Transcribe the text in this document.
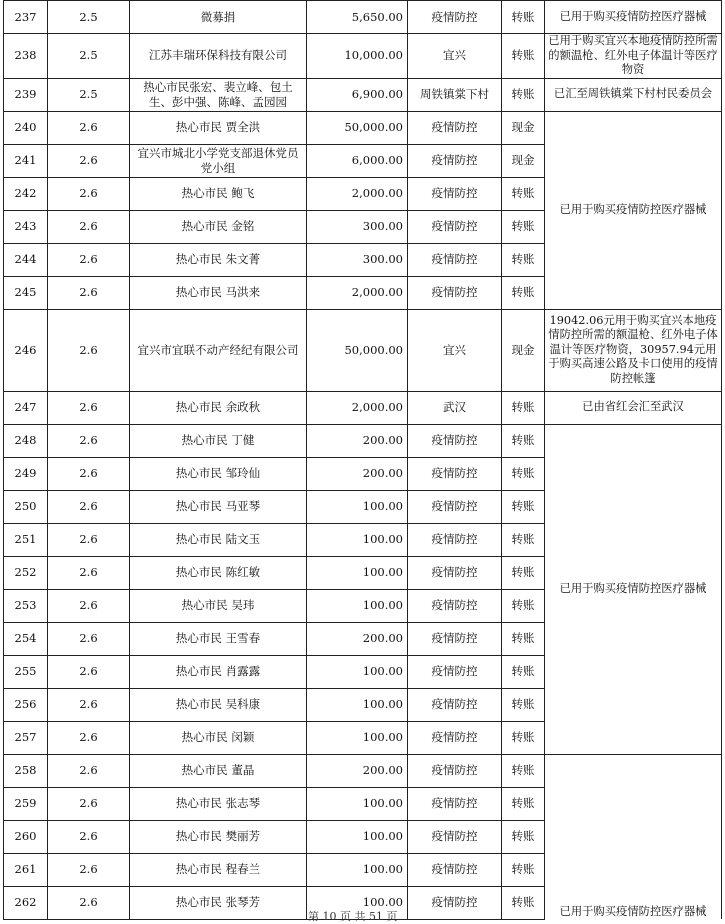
237	2.5	微募捐	5,650.00	疫情防控	转账	已用于购买疫情防控医疗器械
238	2.5	江苏丰瑞环保科技有限公司	10,000.00	宜兴	转账	已用于购买宜兴本地疫情防控所需的额温枪、红外电子体温计等医疗物资
239	2.5	热心市民张宏、裴立峰、包土生、彭中强、陈峰、孟园园	6,900.00	周铁镇棠下村	转账	已汇至周铁镇棠下村村民委员会
240	2.6	热心市民 贾全洪	50,000.00	疫情防控	现金	已用于购买疫情防控医疗器械
241	2.6	宜兴市城北小学党支部退休党员党小组	6,000.00	疫情防控	现金	
242	2.6	热心市民 鲍飞	2,000.00	疫情防控	转账	
243	2.6	热心市民 金铭	300.00	疫情防控	转账	
244	2.6	热心市民 朱文菁	300.00	疫情防控	转账	
245	2.6	热心市民 马洪来	2,000.00	疫情防控	转账	
246	2.6	宜兴市宜联不动产经纪有限公司	50,000.00	宜兴	现金	19042.06元用于购买宜兴本地疫情防控所需的额温枪、红外电子体温计等医疗物资，30957.94元用于购买高速公路及卡口使用的疫情防控帐篷
247	2.6	热心市民 余政秋	2,000.00	武汉	转账	已由省红会汇至武汉
248	2.6	热心市民 丁健	200.00	疫情防控	转账	已用于购买疫情防控医疗器械
249	2.6	热心市民 邹玲仙	200.00	疫情防控	转账	
250	2.6	热心市民 马亚琴	100.00	疫情防控	转账	
251	2.6	热心市民 陆文玉	100.00	疫情防控	转账	
252	2.6	热心市民 陈红敏	100.00	疫情防控	转账	
253	2.6	热心市民 吴玮	100.00	疫情防控	转账	
254	2.6	热心市民 王雪春	200.00	疫情防控	转账	
255	2.6	热心市民 肖露露	100.00	疫情防控	转账	
256	2.6	热心市民 吴科康	100.00	疫情防控	转账	
257	2.6	热心市民 闵颖	100.00	疫情防控	转账	
258	2.6	热心市民 董晶	200.00	疫情防控	转账	已用于购买疫情防控医疗器械
259	2.6	热心市民 张志琴	100.00	疫情防控	转账	
260	2.6	热心市民 樊丽芳	100.00	疫情防控	转账	
261	2.6	热心市民 程春兰	100.00	疫情防控	转账	
262	2.6	热心市民 张琴芳	100.00	疫情防控	转账	
第 10 页 共 51 页
